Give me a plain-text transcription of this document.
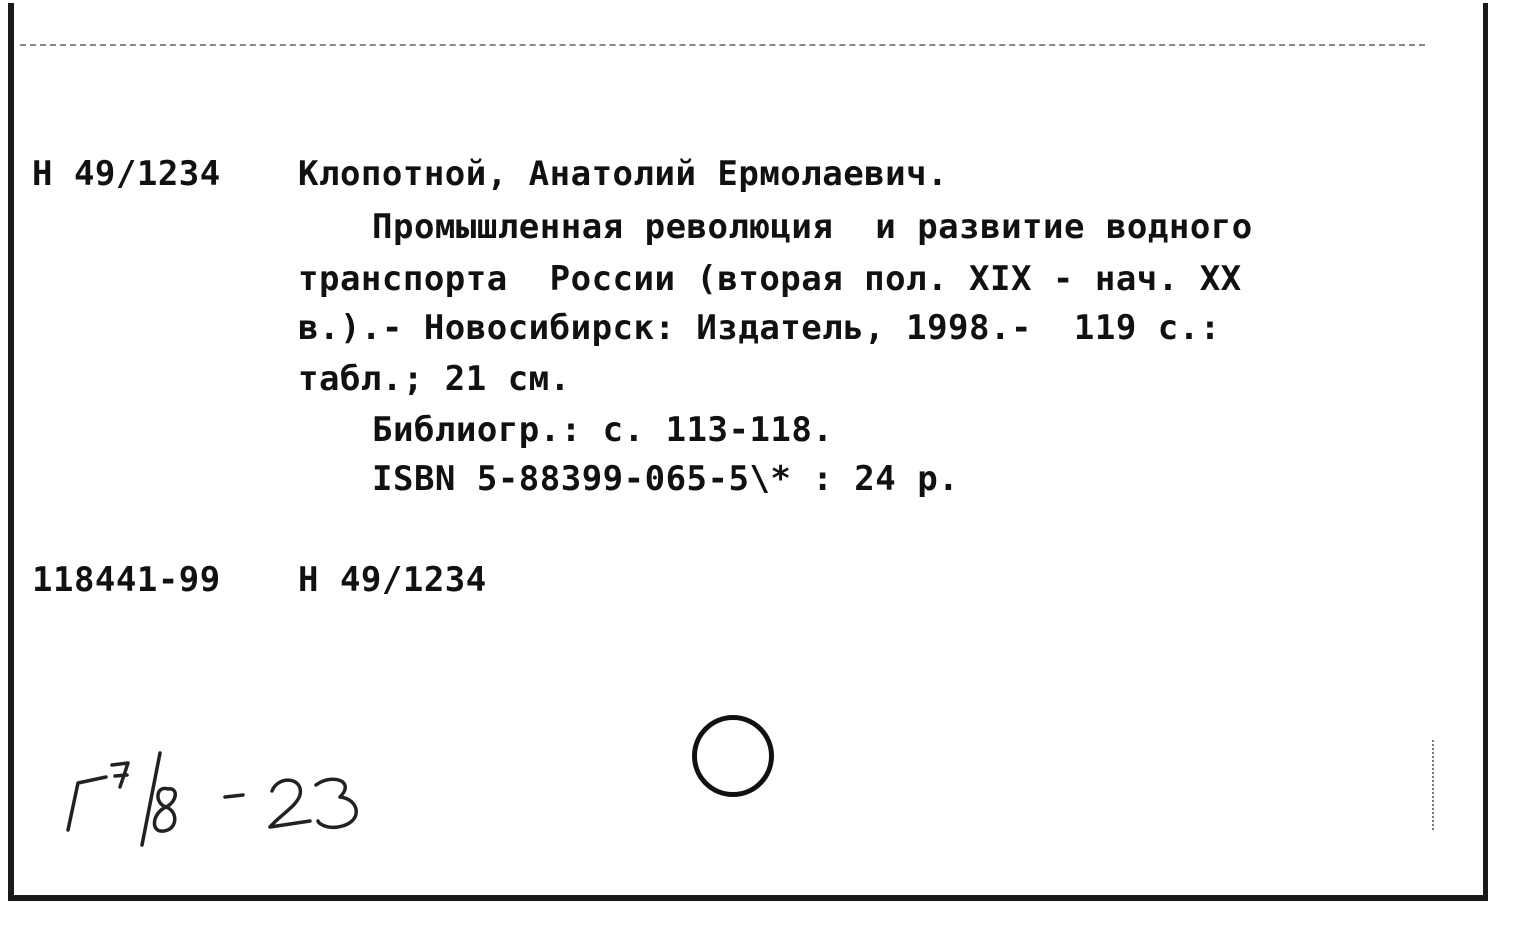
Н 49/1234 Клопотной, Анатолий Ермолаевич.
Промышленная революция  и развитие водного
транспорта  России (вторая пол. XIX - нач. XX
в.).- Новосибирск: Издатель, 1998.-  119 с.:
табл.; 21 см.
Библиогр.: с. 113-118.
ISBN 5-88399-065-5\* : 24 р.
118441-99 Н 49/1234
